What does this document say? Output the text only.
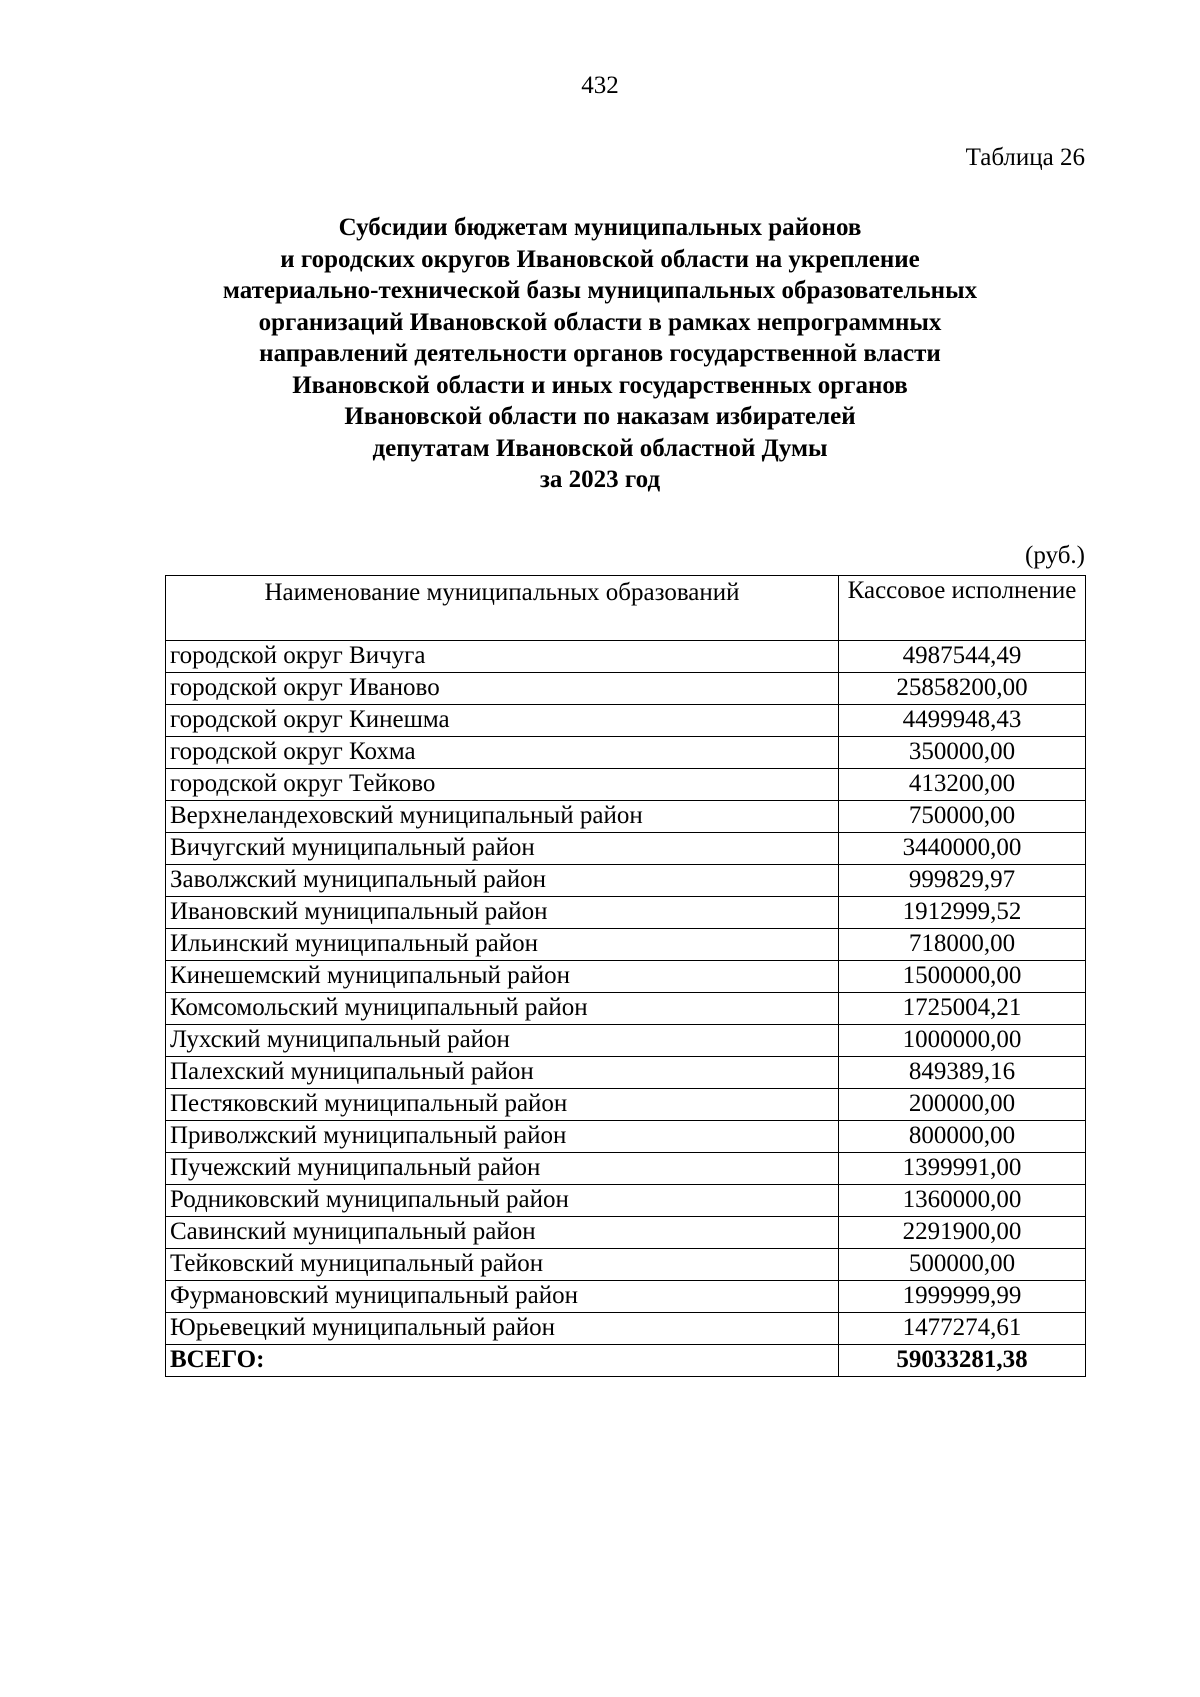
432
Таблица 26
Субсидии бюджетам муниципальных районов
и городских округов Ивановской области на укрепление
материально-технической базы муниципальных образовательных
организаций Ивановской области в рамках непрограммных
направлений деятельности органов государственной власти
Ивановской области и иных государственных органов
Ивановской области по наказам избирателей
депутатам Ивановской областной Думы
за 2023 год
(руб.)
Наименование муниципальных образований	Кассовое исполнение
городской округ Вичуга	4987544,49
городской округ Иваново	25858200,00
городской округ Кинешма	4499948,43
городской округ Кохма	350000,00
городской округ Тейково	413200,00
Верхнеландеховский муниципальный район	750000,00
Вичугский муниципальный район	3440000,00
Заволжский муниципальный район	999829,97
Ивановский муниципальный район	1912999,52
Ильинский муниципальный район	718000,00
Кинешемский муниципальный район	1500000,00
Комсомольский муниципальный район	1725004,21
Лухский муниципальный район	1000000,00
Палехский муниципальный район	849389,16
Пестяковский муниципальный район	200000,00
Приволжский муниципальный район	800000,00
Пучежский муниципальный район	1399991,00
Родниковский муниципальный район	1360000,00
Савинский муниципальный район	2291900,00
Тейковский муниципальный район	500000,00
Фурмановский муниципальный район	1999999,99
Юрьевецкий муниципальный район	1477274,61
ВСЕГО:	59033281,38
